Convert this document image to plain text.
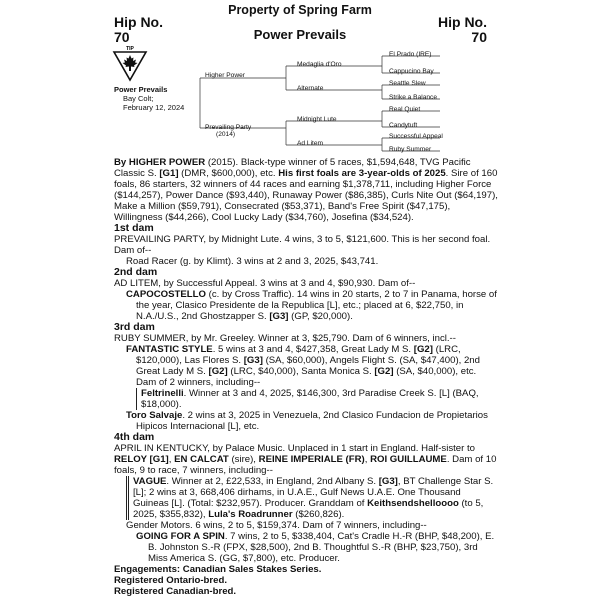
Property of Spring Farm
Hip No.
70
Hip No.
70
Power Prevails
TIP
Power Prevails
Bay Colt;
February 12, 2024
Higher Power
Prevailing Party
(2014)
Medaglia d'Oro
Alternate
Midnight Lute
Ad Litem
El Prado (IRE)
Cappucino Bay
Seattle Slew
Strike a Balance
Real Quiet
Candytuft
Successful Appeal
Ruby Summer

By HIGHER POWER (2015). Black-type winner of 5 races, $1,594,648, TVG Pacific Classic S. [G1] (DMR, $600,000), etc. His first foals are 3-year-olds of 2025. Sire of 160 foals, 86 starters, 32 winners of 44 races and earning $1,378,711, including Higher Force ($144,257), Power Dance ($93,440), Runaway Power ($86,385), Curls Nite Out ($64,197), Make a Million ($59,791), Consecrated ($53,371), Band's Free Spirit ($47,175), Willingness ($44,266), Cool Lucky Lady ($34,760), Josefina ($34,524).

1st dam

PREVAILING PARTY, by Midnight Lute. 4 wins, 3 to 5, $121,600. This is her second foal. Dam of--

Road Racer (g. by Klimt). 3 wins at 2 and 3, 2025, $43,741.

2nd dam

AD LITEM, by Successful Appeal. 3 wins at 3 and 4, $90,930. Dam of--

CAPOCOSTELLO (c. by Cross Traffic). 14 wins in 20 starts, 2 to 7 in Panama, horse of the year, Clasico Presidente de la Republica [L], etc.; placed at 6, $22,750, in N.A./U.S., 2nd Ghostzapper S. [G3] (GP, $20,000).

3rd dam

RUBY SUMMER, by Mr. Greeley. Winner at 3, $25,790. Dam of 6 winners, incl.--

FANTASTIC STYLE. 5 wins at 3 and 4, $427,358, Great Lady M S. [G2] (LRC, $120,000), Las Flores S. [G3] (SA, $60,000), Angels Flight S. (SA, $47,400), 2nd Great Lady M S. [G2] (LRC, $40,000), Santa Monica S. [G2] (SA, $40,000), etc. Dam of 2 winners, including--

Feltrinelli. Winner at 3 and 4, 2025, $146,300, 3rd Paradise Creek S. [L] (BAQ, $18,000).

Toro Salvaje. 2 wins at 3, 2025 in Venezuela, 2nd Clasico Fundacion de Propietarios Hipicos Internacional [L], etc.

4th dam

APRIL IN KENTUCKY, by Palace Music. Unplaced in 1 start in England. Half-sister to RELOY [G1], EN CALCAT (sire), REINE IMPERIALE (FR), ROI GUILLAUME. Dam of 10 foals, 9 to race, 7 winners, including--

VAGUE. Winner at 2, £22,533, in England, 2nd Albany S. [G3], BT Challenge Star S. [L]; 2 wins at 3, 668,406 dirhams, in U.A.E., Gulf News U.A.E. One Thousand Guineas [L]. (Total: $232,957). Producer. Granddam of Keithsendshelloooo (to 5, 2025, $355,832), Lula's Roadrunner ($260,826).

Gender Motors. 6 wins, 2 to 5, $159,374. Dam of 7 winners, including--

GOING FOR A SPIN. 7 wins, 2 to 5, $338,404, Cat's Cradle H.-R (BHP, $48,200), E. B. Johnston S.-R (FPX, $28,500), 2nd B. Thoughtful S.-R (BHP, $23,750), 3rd Miss America S. (GG, $7,800), etc. Producer.

Engagements: Canadian Sales Stakes Series.

Registered Ontario-bred.

Registered Canadian-bred.
